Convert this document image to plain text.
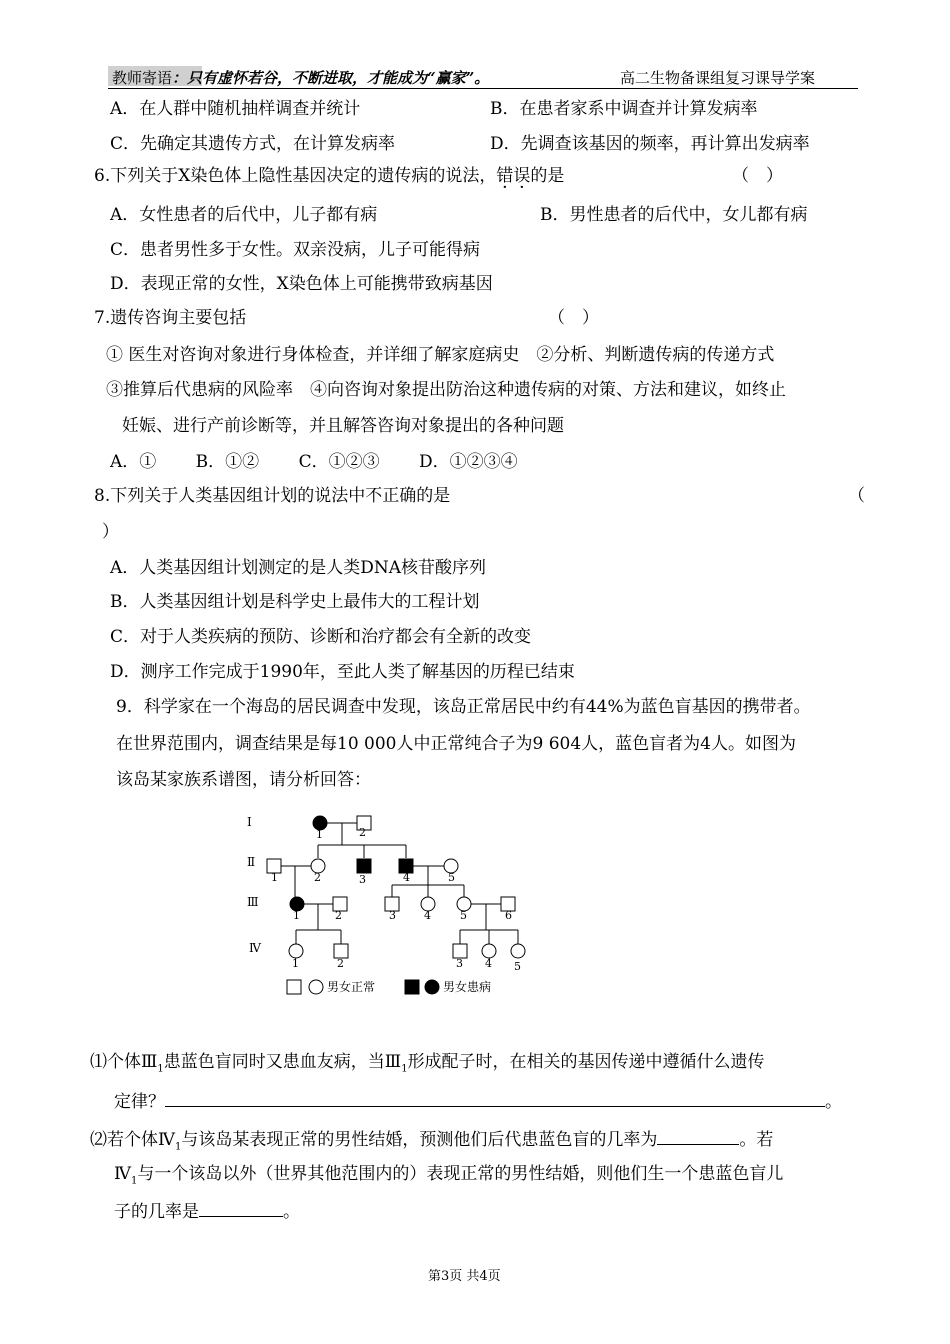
教师寄语：只有虚怀若谷，不断进取，才能成为“赢家”。	高二生物备课组复习课导学案
A．在人群中随机抽样调查并统计	B．在患者家系中调查并计算发病率
C．先确定其遗传方式，在计算发病率	D．先调查该基因的频率，再计算出发病率
6.下列关于X染色体上隐性基因决定的遗传病的说法，错误的是	（　）
A．女性患者的后代中，儿子都有病	B．男性患者的后代中，女儿都有病
C．患者男性多于女性。双亲没病，儿子可能得病
D．表现正常的女性，X染色体上可能携带致病基因
7.遗传咨询主要包括	（　）
① 医生对咨询对象进行身体检查，并详细了解家庭病史　②分析、判断遗传病的传递方式
③推算后代患病的风险率　④向咨询对象提出防治这种遗传病的对策、方法和建议，如终止
妊娠、进行产前诊断等，并且解答咨询对象提出的各种问题
A．①　　 B．①②　　 C．①②③　　 D．①②③④
8.下列关于人类基因组计划的说法中不正确的是	（
）
A．人类基因组计划测定的是人类DNA核苷酸序列
B．人类基因组计划是科学史上最伟大的工程计划
C．对于人类疾病的预防、诊断和治疗都会有全新的改变
D．测序工作完成于1990年，至此人类了解基因的历程已结束
9．科学家在一个海岛的居民调查中发现，该岛正常居民中约有44%为蓝色盲基因的携带者。
在世界范围内，调查结果是每10 000人中正常纯合子为9 604人，蓝色盲者为4人。如图为
该岛某家族系谱图，请分析回答：
Ⅰ
Ⅱ
Ⅲ
Ⅳ
1	2
1	2	3	4	5
1	2	3	4	5	6
1	2	3 4 5
男女正常	男女患病
⑴个体$Ⅲ_1$患蓝色盲同时又患血友病，当$Ⅲ_1$形成配子时，在相关的基因传递中遵循什么遗传
定律？	。
⑵若个体$Ⅳ_1$与该岛某表现正常的男性结婚，预测他们后代患蓝色盲的几率为	。若
$Ⅳ_1$与一个该岛以外（世界其他范围内的）表现正常的男性结婚，则他们生一个患蓝色盲儿
子的几率是	。
第3页 共4页
